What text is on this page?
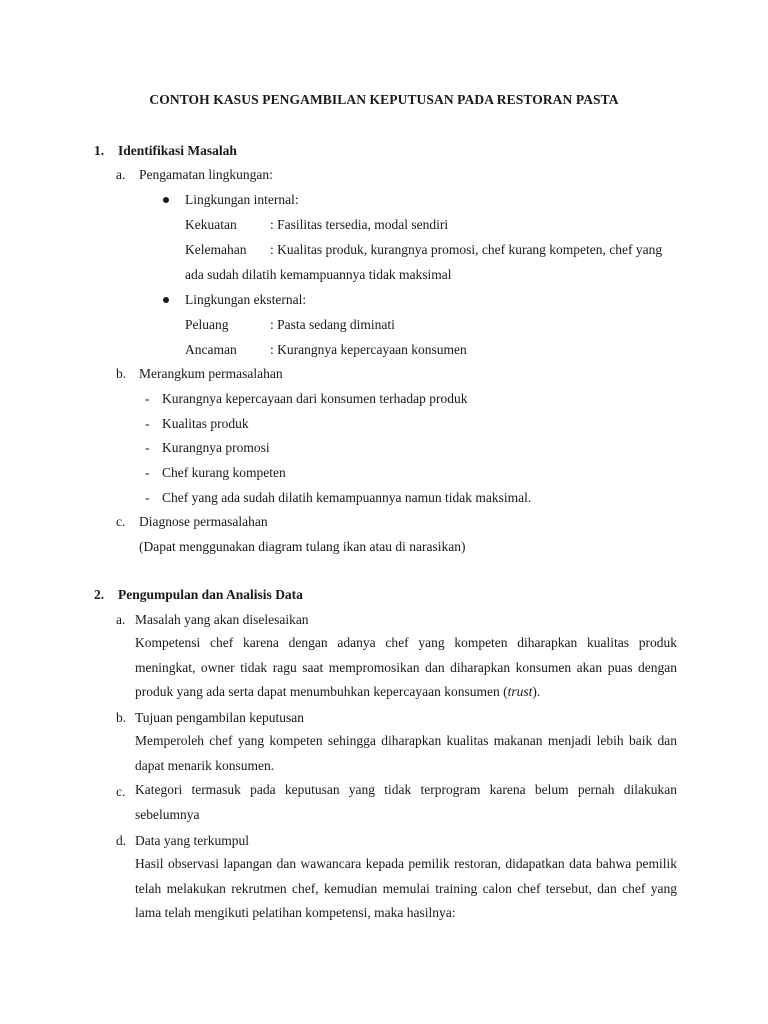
CONTOH KASUS PENGAMBILAN KEPUTUSAN PADA RESTORAN PASTA
1. Identifikasi Masalah
a. Pengamatan lingkungan:
Lingkungan internal:
Kekuatan : Fasilitas tersedia, modal sendiri
Kelemahan : Kualitas produk, kurangnya promosi, chef kurang kompeten, chef yang
ada sudah dilatih kemampuannya tidak maksimal
Lingkungan eksternal:
Peluang	: Pasta sedang diminati
Ancaman : Kurangnya kepercayaan konsumen
b. Merangkum permasalahan
- Kurangnya kepercayaan dari konsumen terhadap produk
- Kualitas produk
- Kurangnya promosi
- Chef kurang kompeten
- Chef yang ada sudah dilatih kemampuannya namun tidak maksimal.
c. Diagnose permasalahan
(Dapat menggunakan diagram tulang ikan atau di narasikan)
2. Pengumpulan dan Analisis Data
a. Masalah yang akan diselesaikan
Kompetensi chef karena dengan adanya chef yang kompeten diharapkan kualitas produk meningkat, owner tidak ragu saat mempromosikan dan diharapkan konsumen akan puas dengan produk yang ada serta dapat menumbuhkan kepercayaan konsumen (trust).
b. Tujuan pengambilan keputusan
Memperoleh chef yang kompeten sehingga diharapkan kualitas makanan menjadi lebih baik dan dapat menarik konsumen.
c. Kategori termasuk pada keputusan yang tidak terprogram karena belum pernah dilakukan sebelumnya
d. Data yang terkumpul
Hasil observasi lapangan dan wawancara kepada pemilik restoran, didapatkan data bahwa pemilik telah melakukan rekrutmen chef, kemudian memulai training calon chef tersebut, dan chef yang lama telah mengikuti pelatihan kompetensi, maka hasilnya:
